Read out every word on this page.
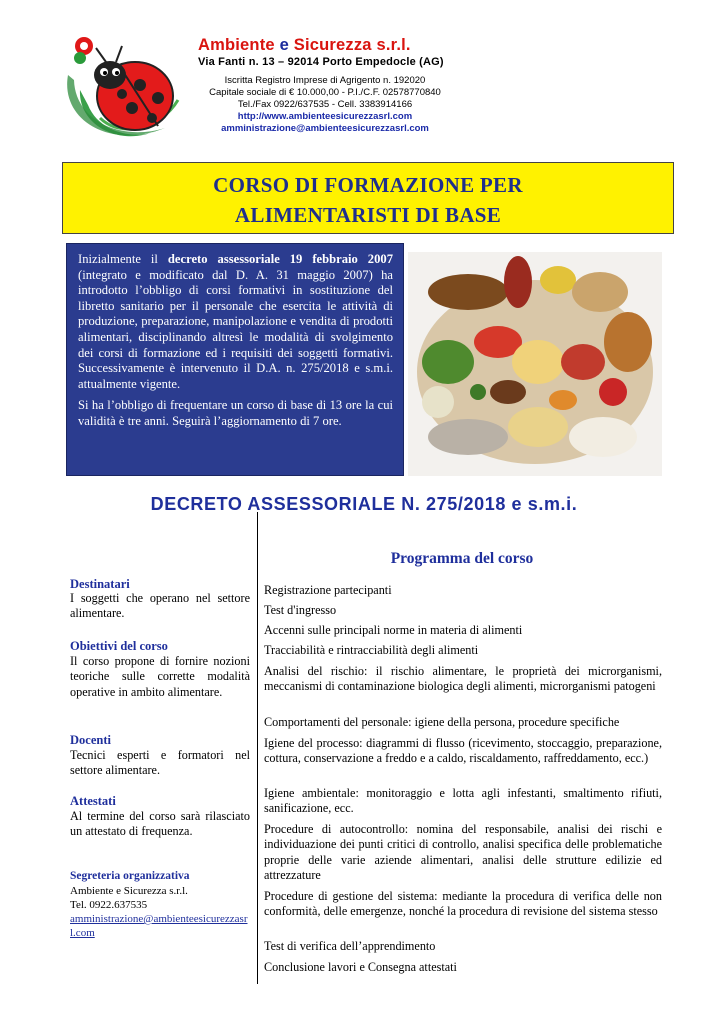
Ambiente e Sicurezza s.r.l.
Via Fanti n. 13 – 92014 Porto Empedocle (AG)
Iscritta Registro Imprese di Agrigento n. 192020
Capitale sociale di € 10.000,00 - P.I./C.F. 02578770840
Tel./Fax 0922/637535 - Cell. 3383914166
http://www.ambienteesicurezzasrl.com
amministrazione@ambienteesicurezzasrl.com
CORSO DI FORMAZIONE PER
ALIMENTARISTI DI BASE

Inizialmente il decreto assessoriale 19 febbraio 2007 (integrato e modificato dal D. A. 31 maggio 2007) ha introdotto l’obbligo di corsi formativi in sostituzione del libretto sanitario per il personale che esercita le attività di produzione, preparazione, manipolazione e vendita di prodotti alimentari, disciplinando altresì le modalità di svolgimento dei corsi di formazione ed i requisiti dei soggetti formativi. Successivamente è intervenuto il D.A. n. 275/2018 e s.m.i. attualmente vigente.

Si ha l’obbligo di frequentare un corso di base di 13 ore la cui validità è tre anni. Seguirà l’aggiornamento di 7 ore.

DECRETO ASSESSORIALE N. 275/2018 e s.m.i.
Destinatari
I soggetti che operano nel settore alimentare.
Obiettivi del corso
Il corso propone di fornire nozioni teoriche sulle corrette modalità operative in ambito alimentare.
Docenti
Tecnici esperti e formatori nel settore alimentare.
Attestati
Al termine del corso sarà rilasciato un attestato di frequenza.
Segreteria organizzativa
Ambiente e Sicurezza s.r.l.
Tel. 0922.637535
amministrazione@ambienteesicurezzasrl.com
Programma del corso
Registrazione partecipanti
Test d'ingresso
Accenni sulle principali norme in materia di alimenti
Tracciabilità e rintracciabilità degli alimenti
Analisi del rischio: il rischio alimentare, le proprietà dei microrganismi, meccanismi di contaminazione biologica degli alimenti, microrganismi patogeni
Comportamenti del personale: igiene della persona, procedure specifiche
Igiene del processo: diagrammi di flusso (ricevimento, stoccaggio, preparazione, cottura, conservazione a freddo e a caldo, riscaldamento, raffreddamento, ecc.)
Igiene ambientale: monitoraggio e lotta agli infestanti, smaltimento rifiuti, sanificazione, ecc.
Procedure di autocontrollo: nomina del responsabile, analisi dei rischi e individuazione dei punti critici di controllo, analisi specifica delle problematiche proprie delle varie aziende alimentari, analisi delle strutture edilizie ed attrezzature
Procedure di gestione del sistema: mediante la procedura di verifica delle non conformità, delle emergenze, nonché la procedura di revisione del sistema stesso
Test di verifica dell’apprendimento
Conclusione lavori e Consegna attestati
